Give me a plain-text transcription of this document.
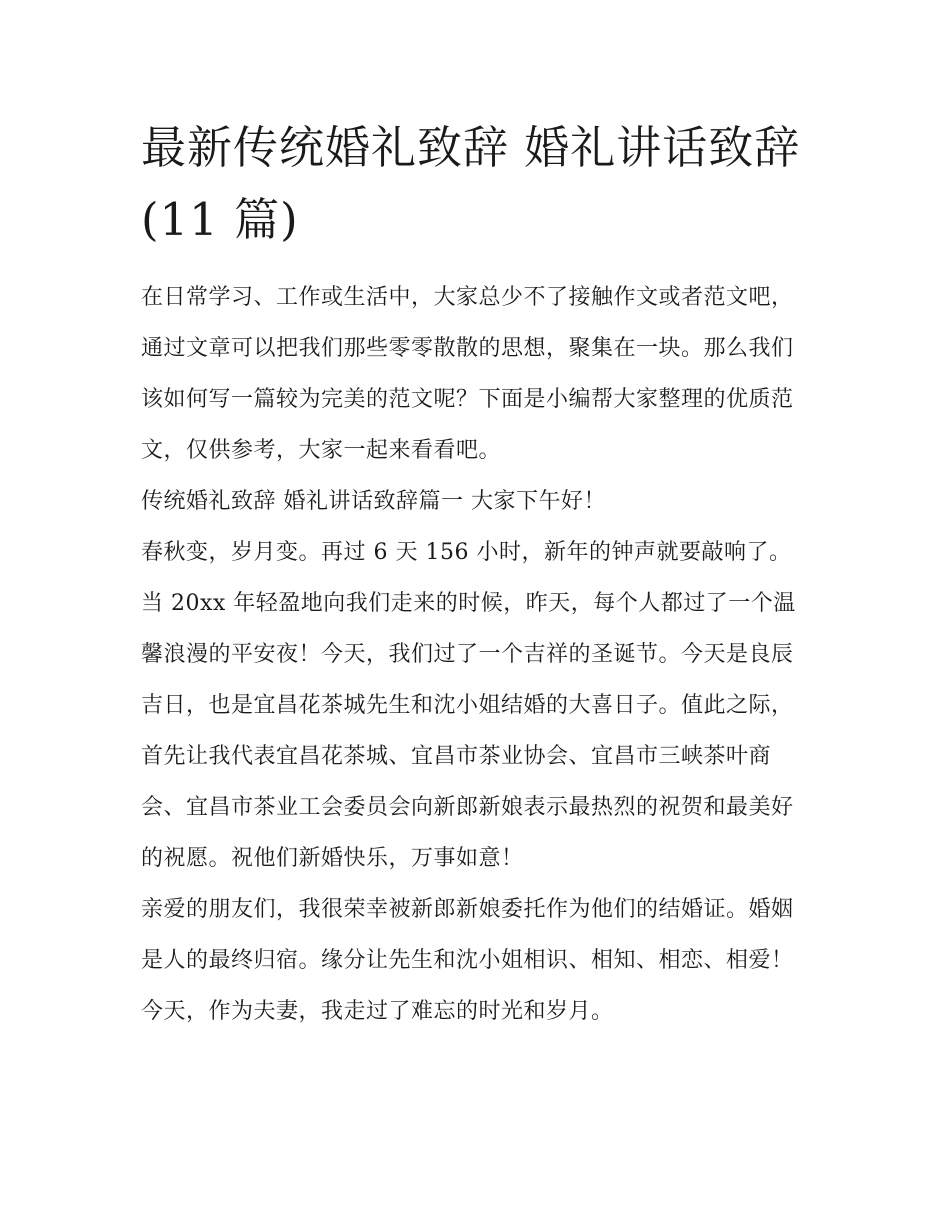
最新传统婚礼致辞 婚礼讲话致辞(11 篇)

在日常学习、工作或生活中，大家总少不了接触作文或者范文吧，通过文章可以把我们那些零零散散的思想，聚集在一块。那么我们该如何写一篇较为完美的范文呢？下面是小编帮大家整理的优质范文，仅供参考，大家一起来看看吧。

传统婚礼致辞 婚礼讲话致辞篇一 大家下午好！

春秋变，岁月变。再过 6 天 156 小时，新年的钟声就要敲响了。当 20xx 年轻盈地向我们走来的时候，昨天，每个人都过了一个温馨浪漫的平安夜！今天，我们过了一个吉祥的圣诞节。今天是良辰吉日，也是宜昌花茶城先生和沈小姐结婚的大喜日子。值此之际，首先让我代表宜昌花茶城、宜昌市茶业协会、宜昌市三峡茶叶商会、宜昌市茶业工会委员会向新郎新娘表示最热烈的祝贺和最美好的祝愿。祝他们新婚快乐，万事如意！

亲爱的朋友们，我很荣幸被新郎新娘委托作为他们的结婚证。婚姻是人的最终归宿。缘分让先生和沈小姐相识、相知、相恋、相爱！今天，作为夫妻，我走过了难忘的时光和岁月。
